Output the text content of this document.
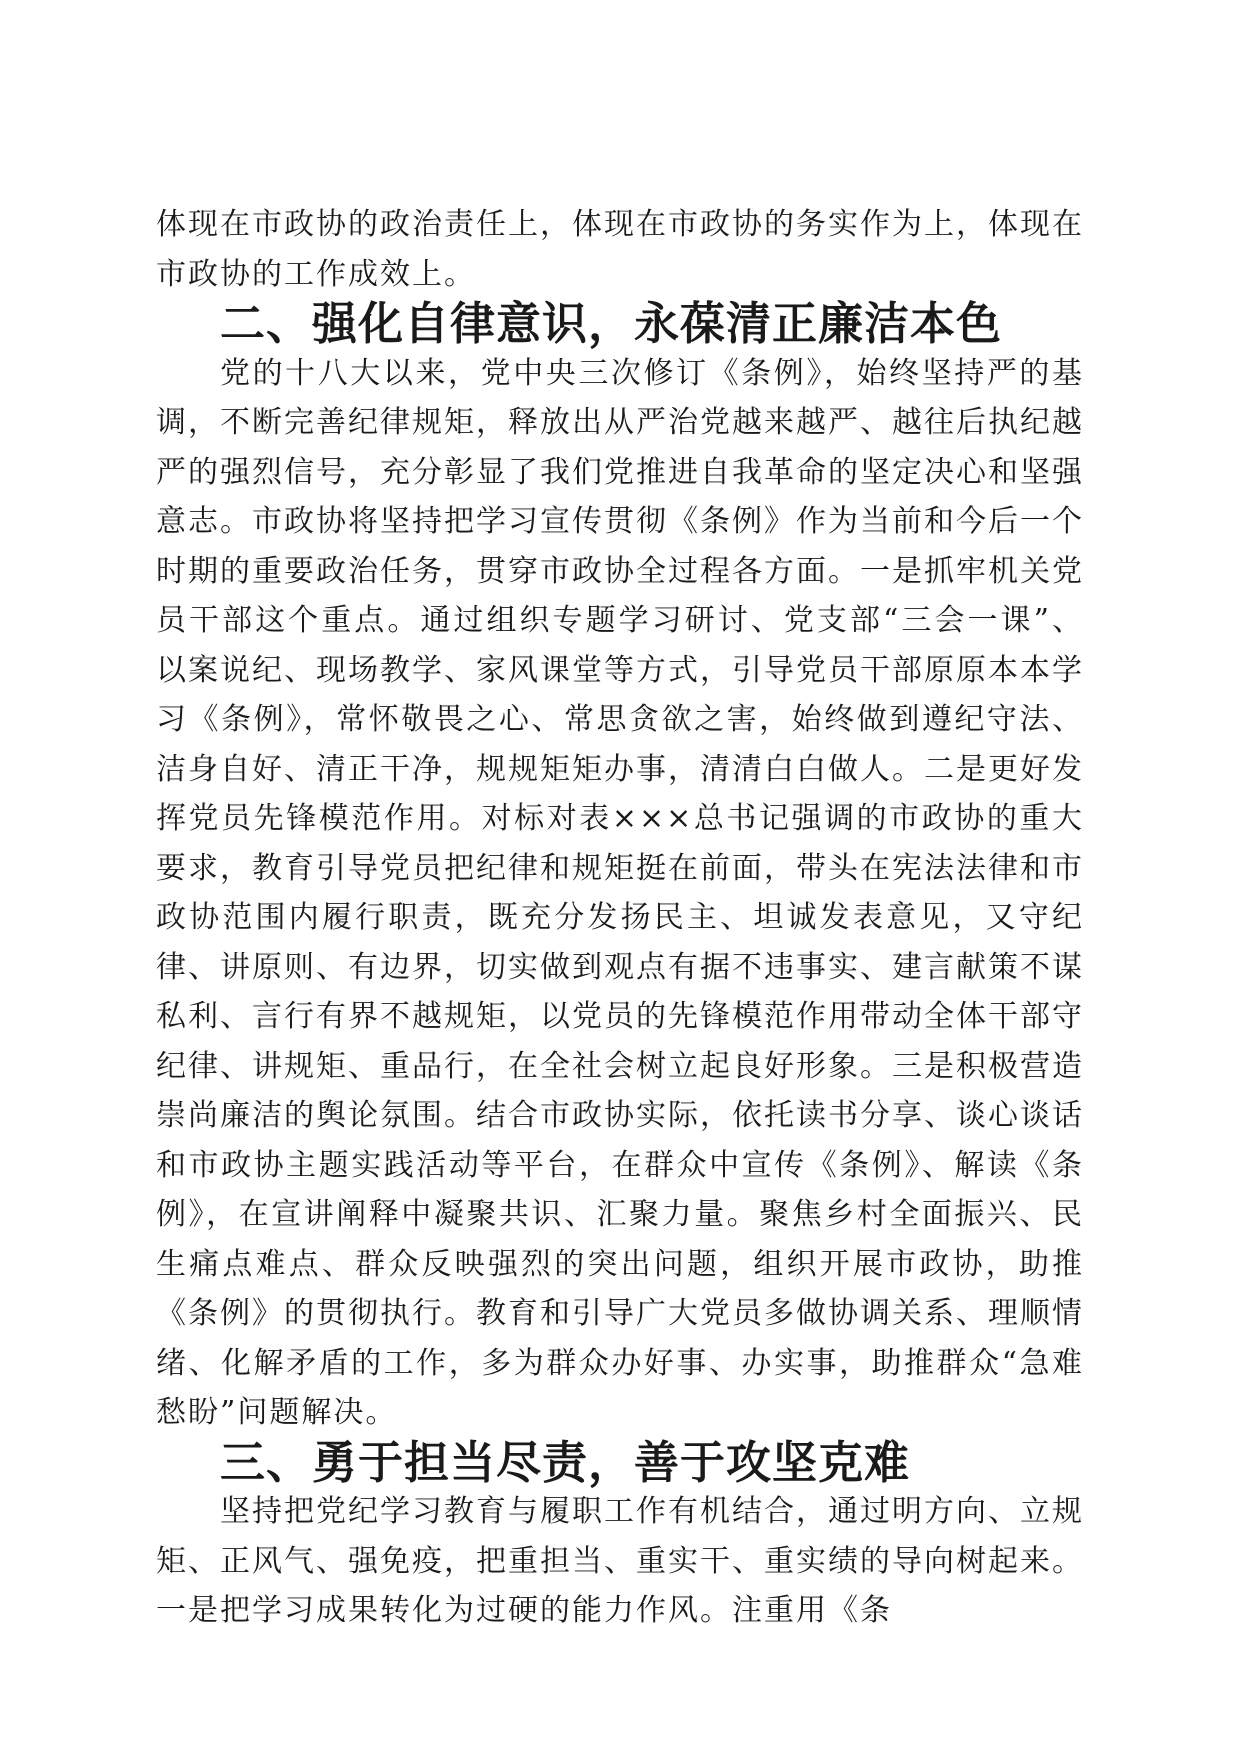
体现在市政协的政治责任上，体现在市政协的务实作为上，体现在市政协的工作成效上。

二、强化自律意识，永葆清正廉洁本色

党的十八大以来，党中央三次修订《条例》，始终坚持严的基调，不断完善纪律规矩，释放出从严治党越来越严、越往后执纪越严的强烈信号，充分彰显了我们党推进自我革命的坚定决心和坚强意志。市政协将坚持把学习宣传贯彻《条例》作为当前和今后一个时期的重要政治任务，贯穿市政协全过程各方面。一是抓牢机关党员干部这个重点。通过组织专题学习研讨、党支部“三会一课”、以案说纪、现场教学、家风课堂等方式，引导党员干部原原本本学习《条例》，常怀敬畏之心、常思贪欲之害，始终做到遵纪守法、洁身自好、清正干净，规规矩矩办事，清清白白做人。二是更好发挥党员先锋模范作用。对标对表×××总书记强调的市政协的重大要求，教育引导党员把纪律和规矩挺在前面，带头在宪法法律和市政协范围内履行职责，既充分发扬民主、坦诚发表意见，又守纪律、讲原则、有边界，切实做到观点有据不违事实、建言献策不谋私利、言行有界不越规矩，以党员的先锋模范作用带动全体干部守纪律、讲规矩、重品行，在全社会树立起良好形象。三是积极营造崇尚廉洁的舆论氛围。结合市政协实际，依托读书分享、谈心谈话和市政协主题实践活动等平台，在群众中宣传《条例》、解读《条例》，在宣讲阐释中凝聚共识、汇聚力量。聚焦乡村全面振兴、民生痛点难点、群众反映强烈的突出问题，组织开展市政协，助推《条例》的贯彻执行。教育和引导广大党员多做协调关系、理顺情绪、化解矛盾的工作，多为群众办好事、办实事，助推群众“急难愁盼”问题解决。

三、勇于担当尽责，善于攻坚克难

坚持把党纪学习教育与履职工作有机结合，通过明方向、立规矩、正风气、强免疫，把重担当、重实干、重实绩的导向树起来。一是把学习成果转化为过硬的能力作风。注重用《条
